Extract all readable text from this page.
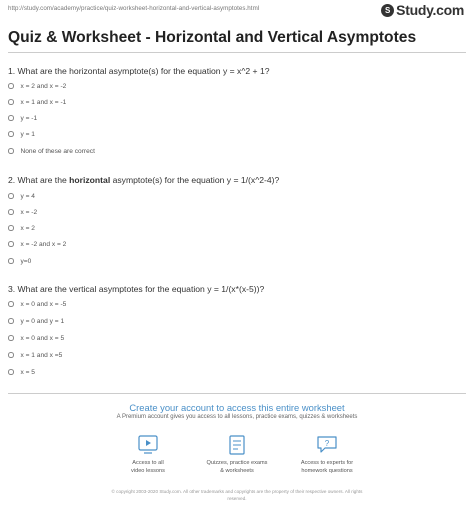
http://study.com/academy/practice/quiz-worksheet-horizontal-and-vertical-asymptotes.html	S Study.com
Quiz & Worksheet - Horizontal and Vertical Asymptotes
1. What are the horizontal asymptote(s) for the equation y = x^2 + 1?
x = 2 and x = -2
x = 1 and x = -1
y = -1
y = 1
None of these are correct
2. What are the horizontal asymptote(s) for the equation y = 1/(x^2-4)?
y = 4
x = -2
x = 2
x = -2 and x = 2
y=0
3. What are the vertical asymptotes for the equation y = 1/(x*(x-5))?
x = 0 and x = -5
y = 0 and y = 1
x = 0 and x = 5
x = 1 and x =5
x = 5
Create your account to access this entire worksheet
A Premium account gives you access to all lessons, practice exams, quizzes & worksheets
Access to all
video lessons
Quizzes, practice exams
& worksheets
?
Access to experts for
homework questions
© copyright 2003-2020 Study.com. All other trademarks and copyrights are the property of their respective owners. All rights
reserved.
